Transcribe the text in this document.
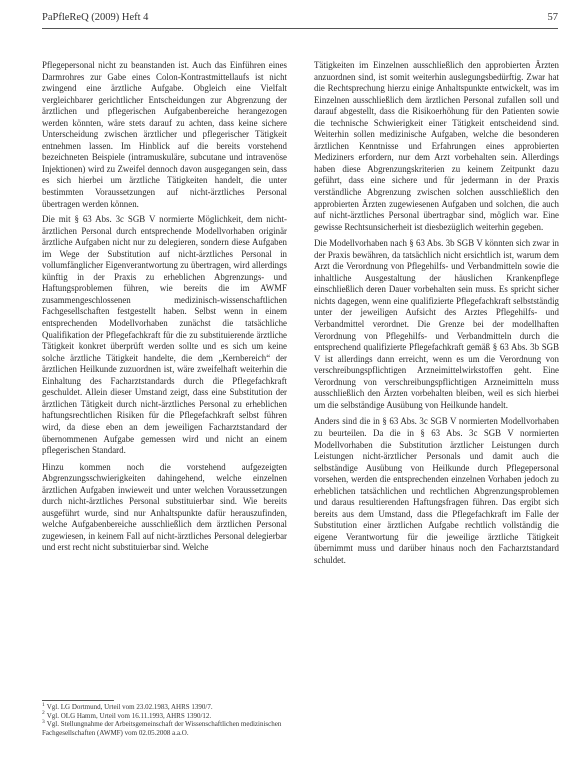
PaPfleReQ (2009) Heft 4	57

Pflegepersonal nicht zu beanstanden ist. Auch das Einführen eines Darmrohres zur Gabe eines Colon-Kontrastmittellaufs ist nicht zwingend eine ärztliche Aufgabe. Obgleich eine Vielfalt vergleichbarer gerichtlicher Entscheidungen zur Abgrenzung der ärztlichen und pflegerischen Aufgabenbereiche herangezogen werden könnten, wäre stets darauf zu achten, dass keine sichere Unterscheidung zwischen ärztlicher und pflegerischer Tätigkeit entnehmen lassen. Im Hinblick auf die bereits vorstehend bezeichneten Beispiele (intramuskuläre, subcutane und intravenöse Injektionen) wird zu Zweifel dennoch davon ausgegangen sein, dass es sich hierbei um ärztliche Tätigkeiten handelt, die unter bestimmten Voraussetzungen auf nicht-ärztliches Personal übertragen werden können.

Die mit § 63 Abs. 3c SGB V normierte Möglichkeit, dem nicht-ärztlichen Personal durch entsprechende Modellvorhaben originär ärztliche Aufgaben nicht nur zu delegieren, sondern diese Aufgaben im Wege der Substitution auf nicht-ärztliches Personal in vollumfänglicher Eigenverantwortung zu übertragen, wird allerdings künftig in der Praxis zu erheblichen Abgrenzungs- und Haftungsproblemen führen, wie bereits die im AWMF zusammengeschlossenen medizinisch-wissenschaftlichen Fachgesellschaften festgestellt haben. Selbst wenn in einem entsprechenden Modellvorhaben zunächst die tatsächliche Qualifikation der Pflegefachkraft für die zu substituierende ärztliche Tätigkeit konkret überprüft werden sollte und es sich um keine solche ärztliche Tätigkeit handelte, die dem „Kernbereich“ der ärztlichen Heilkunde zuzuordnen ist, wäre zweifelhaft weiterhin die Einhaltung des Facharztstandards durch die Pflegefachkraft geschuldet. Allein dieser Umstand zeigt, dass eine Substitution der ärztlichen Tätigkeit durch nicht-ärztliches Personal zu erheblichen haftungsrechtlichen Risiken für die Pflegefachkraft selbst führen wird, da diese eben an dem jeweiligen Facharztstandard der übernommenen Aufgabe gemessen wird und nicht an einem pflegerischen Standard.

Hinzu kommen noch die vorstehend aufgezeigten Abgrenzungsschwierigkeiten dahingehend, welche einzelnen ärztlichen Aufgaben inwieweit und unter welchen Voraussetzungen durch nicht-ärztliches Personal substituierbar sind. Wie bereits ausgeführt wurde, sind nur Anhaltspunkte dafür herauszufinden, welche Aufgabenbereiche ausschließlich dem ärztlichen Personal zugewiesen, in keinem Fall auf nicht-ärztliches Personal delegierbar und erst recht nicht substituierbar sind. Welche

Tätigkeiten im Einzelnen ausschließlich den approbierten Ärzten anzuordnen sind, ist somit weiterhin auslegungsbedürftig. Zwar hat die Rechtsprechung hierzu einige Anhaltspunkte entwickelt, was im Einzelnen ausschließlich dem ärztlichen Personal zufallen soll und darauf abgestellt, dass die Risikoerhöhung für den Patienten sowie die technische Schwierigkeit einer Tätigkeit entscheidend sind. Weiterhin sollen medizinische Aufgaben, welche die besonderen ärztlichen Kenntnisse und Erfahrungen eines approbierten Mediziners erfordern, nur dem Arzt vorbehalten sein. Allerdings haben diese Abgrenzungskriterien zu keinem Zeitpunkt dazu geführt, dass eine sichere und für jedermann in der Praxis verständliche Abgrenzung zwischen solchen ausschließlich den approbierten Ärzten zugewiesenen Aufgaben und solchen, die auch auf nicht-ärztliches Personal übertragbar sind, möglich war. Eine gewisse Rechtsunsicherheit ist diesbezüglich weiterhin gegeben.

Die Modellvorhaben nach § 63 Abs. 3b SGB V könnten sich zwar in der Praxis bewähren, da tatsächlich nicht ersichtlich ist, warum dem Arzt die Verordnung von Pflegehilfs- und Verbandmitteln sowie die inhaltliche Ausgestaltung der häuslichen Krankenpflege einschließlich deren Dauer vorbehalten sein muss. Es spricht sicher nichts dagegen, wenn eine qualifizierte Pflegefachkraft selbstständig unter der jeweiligen Aufsicht des Arztes Pflegehilfs- und Verbandmittel verordnet. Die Grenze bei der modellhaften Verordnung von Pflegehilfs- und Verbandmitteln durch die entsprechend qualifizierte Pflegefachkraft gemäß § 63 Abs. 3b SGB V ist allerdings dann erreicht, wenn es um die Verordnung von verschreibungspflichtigen Arzneimittelwirkstoffen geht. Eine Verordnung von verschreibungspflichtigen Arzneimitteln muss ausschließlich den Ärzten vorbehalten bleiben, weil es sich hierbei um die selbständige Ausübung von Heilkunde handelt.

Anders sind die in § 63 Abs. 3c SGB V normierten Modellvorhaben zu beurteilen. Da die in § 63 Abs. 3c SGB V normierten Modellvorhaben die Substitution ärztlicher Leistungen durch Leistungen nicht-ärztlicher Personals und damit auch die selbständige Ausübung von Heilkunde durch Pflegepersonal vorsehen, werden die entsprechenden einzelnen Vorhaben jedoch zu erheblichen tatsächlichen und rechtlichen Abgrenzungsproblemen und daraus resultierenden Haftungsfragen führen. Das ergibt sich bereits aus dem Umstand, dass die Pflegefachkraft im Falle der Substitution einer ärztlichen Aufgabe rechtlich vollständig die eigene Verantwortung für die jeweilige ärztliche Tätigkeit übernimmt muss und darüber hinaus noch den Facharztstandard schuldet.

$^1$ Vgl. LG Dortmund, Urteil vom 23.02.1983, AHRS 1390/7.
$^2$ Vgl. OLG Hamm, Urteil vom 16.11.1993, AHRS 1390/12.
$^3$ Vgl. Stellungnahme der Arbeitsgemeinschaft der Wissenschaftlichen medizinischen Fachgesellschaften (AWMF) vom 02.05.2008 a.a.O.
